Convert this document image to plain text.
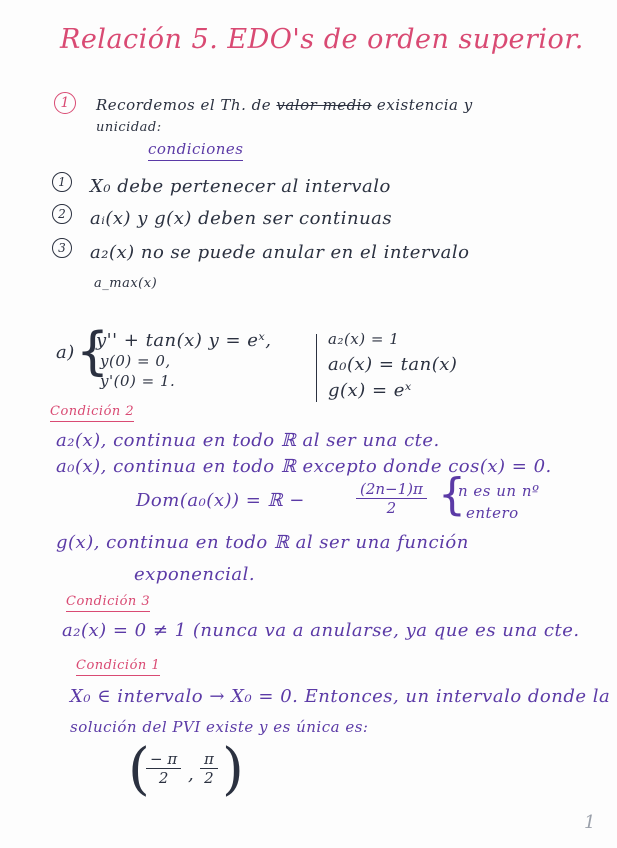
Relación 5. EDO's de orden superior.
1	Recordemos el Th. de valor medio existencia y
unicidad:
condiciones
1	X₀ debe pertenecer al intervalo
2	aᵢ(x) y g(x) deben ser continuas
3	a₂(x) no se puede anular en el intervalo
a_max(x)
a) {
y'' + tan(x) y = eˣ,
y(0) = 0,
y'(0) = 1.
a₂(x) = 1
a₀(x) = tan(x)
g(x) = eˣ
Condición 2
a₂(x), continua en todo ℝ al ser una cte.
a₀(x), continua en todo ℝ excepto donde cos(x) = 0.
Dom(a₀(x)) = ℝ −	$\frac{(2n-1)\pi}{2}$ {
n es un nº
entero
g(x), continua en todo ℝ al ser una función
exponencial.
Condición 3
a₂(x) = 0 ≠ 1 (nunca va a anularse, ya que es una cte.
Condición 1
X₀ ∈ intervalo → X₀ = 0. Entonces, un intervalo donde la
solución del PVI existe y es única es:
(
$\frac{- \pi}{2}$ , $\frac{\pi}{2}$ )
1
